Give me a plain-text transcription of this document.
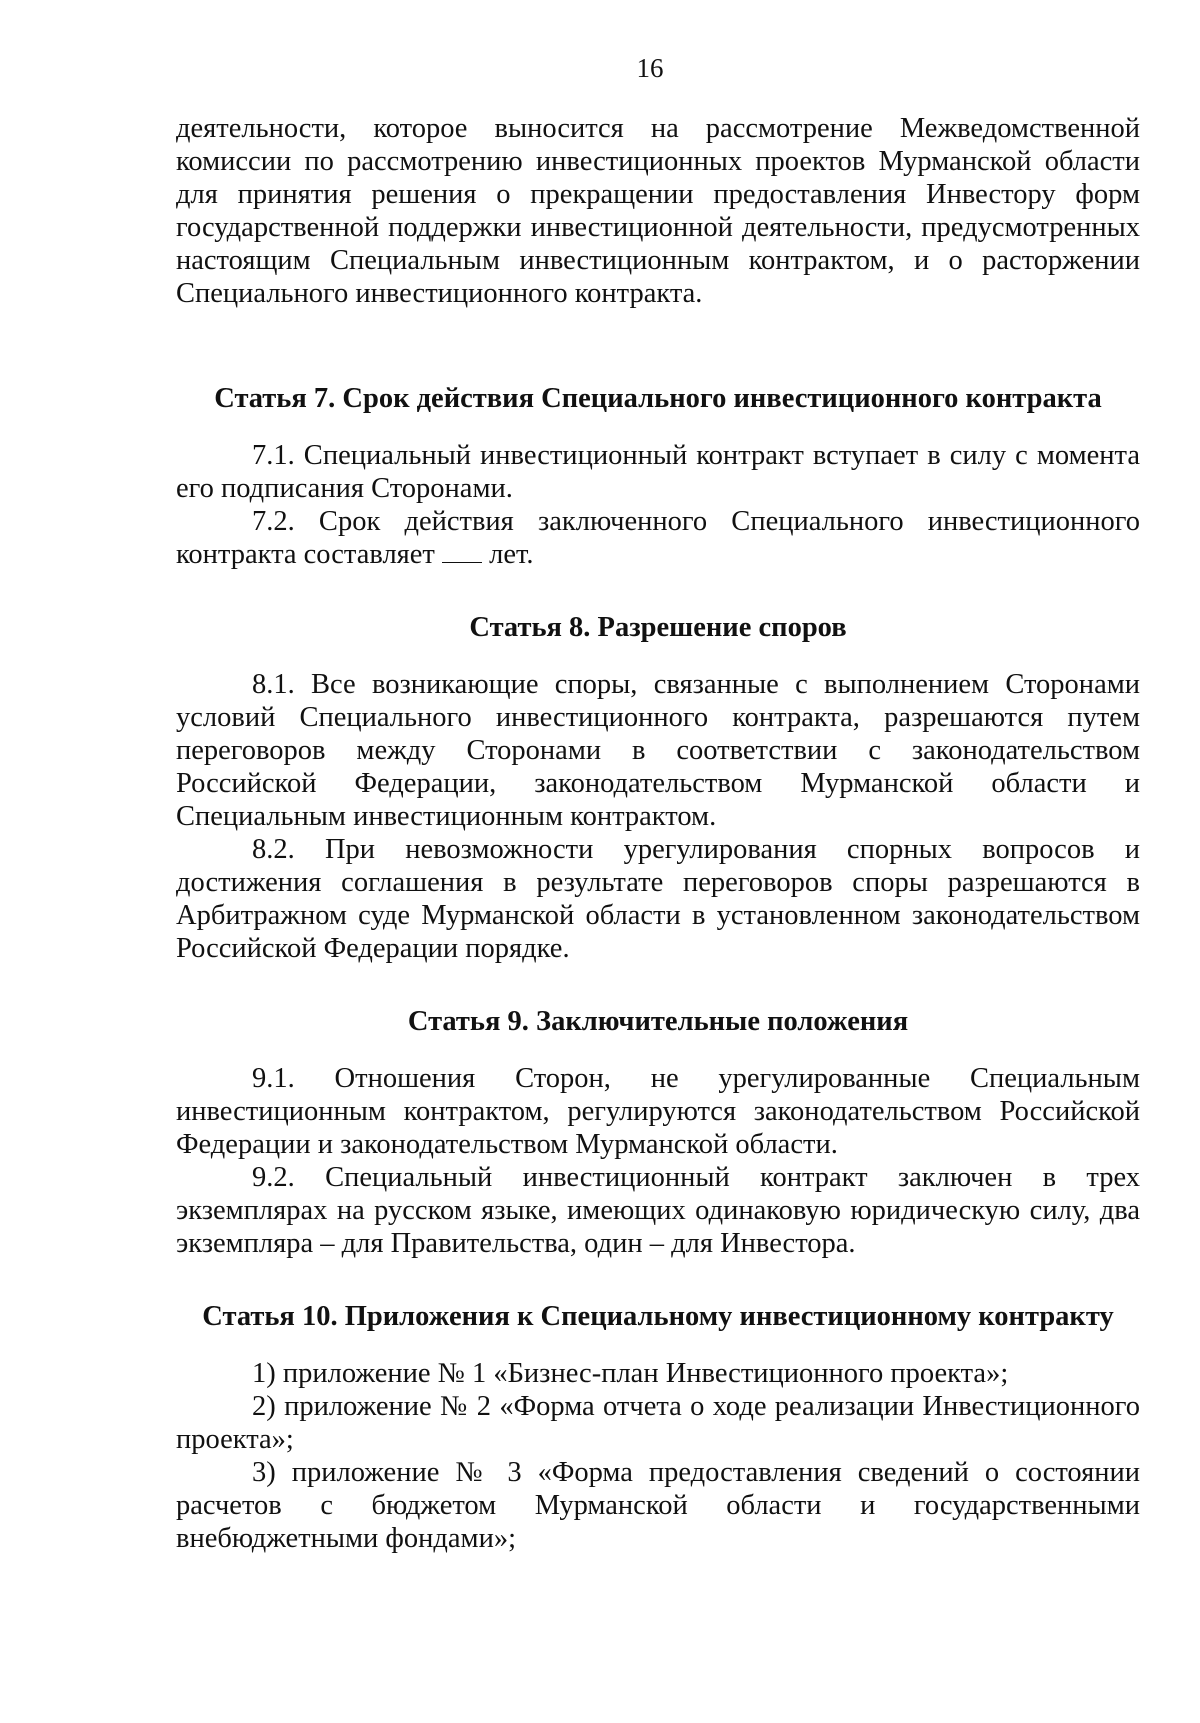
16

деятельности, которое выносится на рассмотрение Межведомственной комиссии по рассмотрению инвестиционных проектов Мурманской области для принятия решения о прекращении предоставления Инвестору форм государственной поддержки инвестиционной деятельности, предусмотренных настоящим Специальным инвестиционным контрактом, и о расторжении Специального инвестиционного контракта.

Статья 7. Срок действия Специального инвестиционного контракта

7.1. Специальный инвестиционный контракт вступает в силу с момента его подписания Сторонами.

7.2. Срок действия заключенного Специального инвестиционного контракта составляет  лет.

Статья 8. Разрешение споров

8.1. Все возникающие споры, связанные с выполнением Сторонами условий Специального инвестиционного контракта, разрешаются путем переговоров между Сторонами в соответствии с законодательством Российской Федерации, законодательством Мурманской области и Специальным инвестиционным контрактом.

8.2. При невозможности урегулирования спорных вопросов и достижения соглашения в результате переговоров споры разрешаются в Арбитражном суде Мурманской области в установленном законодательством Российской Федерации порядке.

Статья 9. Заключительные положения

9.1. Отношения Сторон, не урегулированные Специальным инвестиционным контрактом, регулируются законодательством Российской Федерации и законодательством Мурманской области.

9.2. Специальный инвестиционный контракт заключен в трех экземплярах на русском языке, имеющих одинаковую юридическую силу, два экземпляра – для Правительства, один – для Инвестора.

Статья 10. Приложения к Специальному инвестиционному контракту

1) приложение № 1 «Бизнес-план Инвестиционного проекта»;

2) приложение № 2 «Форма отчета о ходе реализации Инвестиционного проекта»;

3) приложение № 3 «Форма предоставления сведений о состоянии расчетов с бюджетом Мурманской области и государственными внебюджетными фондами»;
